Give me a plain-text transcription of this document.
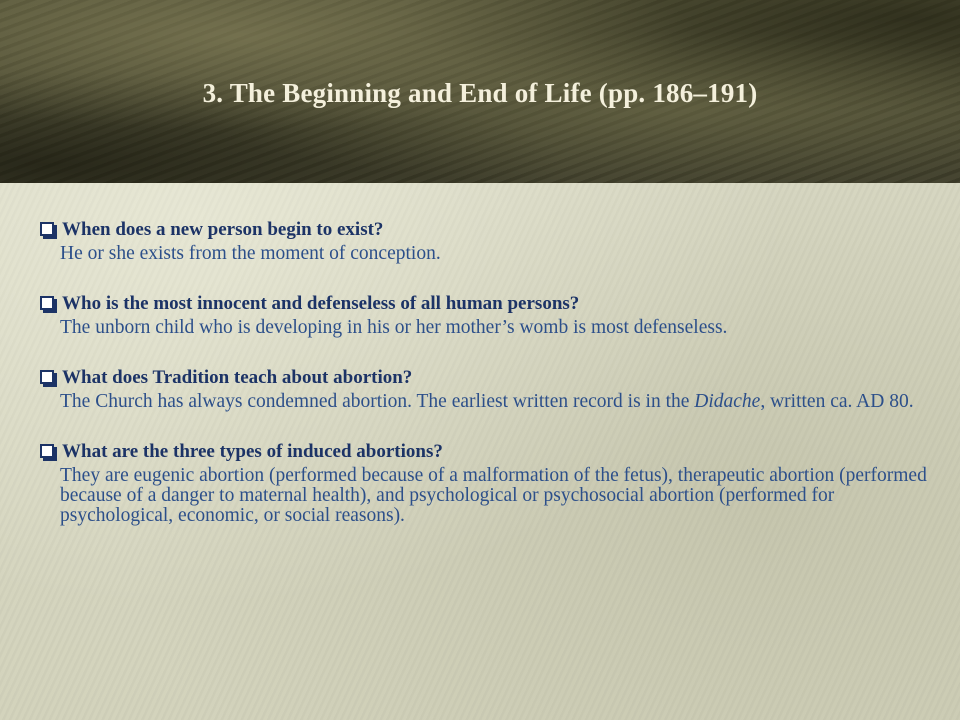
3. The Beginning and End of Life (pp. 186–191)

When does a new person begin to exist?

He or she exists from the moment of conception.

Who is the most innocent and defenseless of all human persons?

The unborn child who is developing in his or her mother’s womb is most defenseless.

What does Tradition teach about abortion?

The Church has always condemned abortion. The earliest written record is in the Didache, written ca. AD 80.

What are the three types of induced abortions?

They are eugenic abortion (performed because of a malformation of the fetus), therapeutic abortion (performed because of a danger to maternal health), and psychological or psychosocial abortion (performed for psychological, economic, or social reasons).
